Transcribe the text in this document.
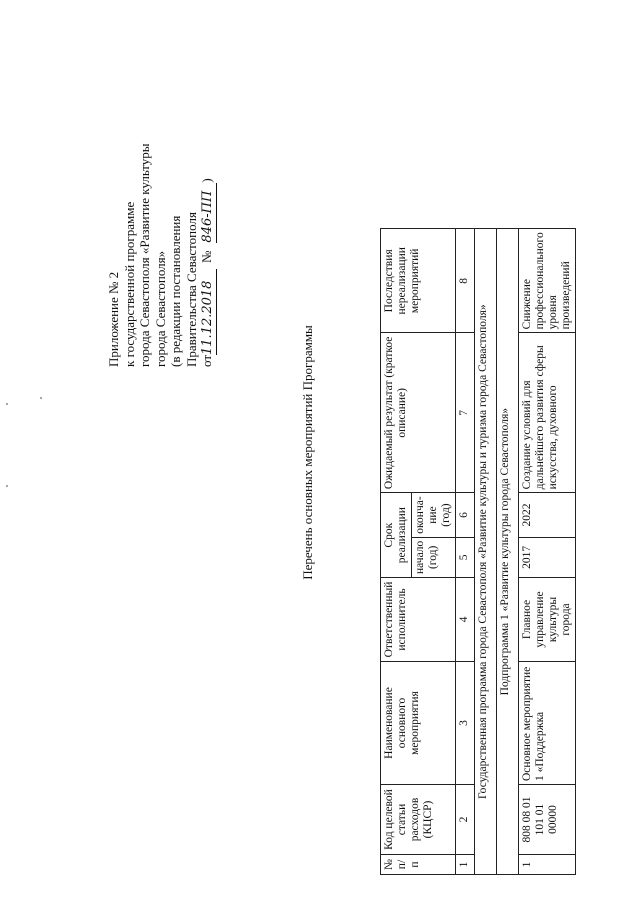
Приложение № 2 к государственной программе города Севастополя «Развитие культуры города Севастополя» (в редакции постановления Правительства Севастополя от11.12.2018№846-ПП)
Перечень основных мероприятий Программы
№ п/п	Код целевой статьи расходов (КЦСР)	Наименование основного мероприятия	Ответственный исполнитель	Срок реализации		Ожидаемый результат (краткое описание)	Последствия нереализации мероприятий
				начало (год)	оконча- ние (год)		
1	2	3	4	5	6	7	8
Государственная программа города Севастополя «Развитие культуры и туризма города Севастополя»							
Подпрограмма 1 «Развитие культуры города Севастополя»							
1	808 08 01 101 01 00000	Основное мероприятие 1 «Поддержка	Главное управление культуры города	2017	2022	Создание условий для дальнейшего развития сферы искусства, духовного	Снижение профессионального уровня произведений
